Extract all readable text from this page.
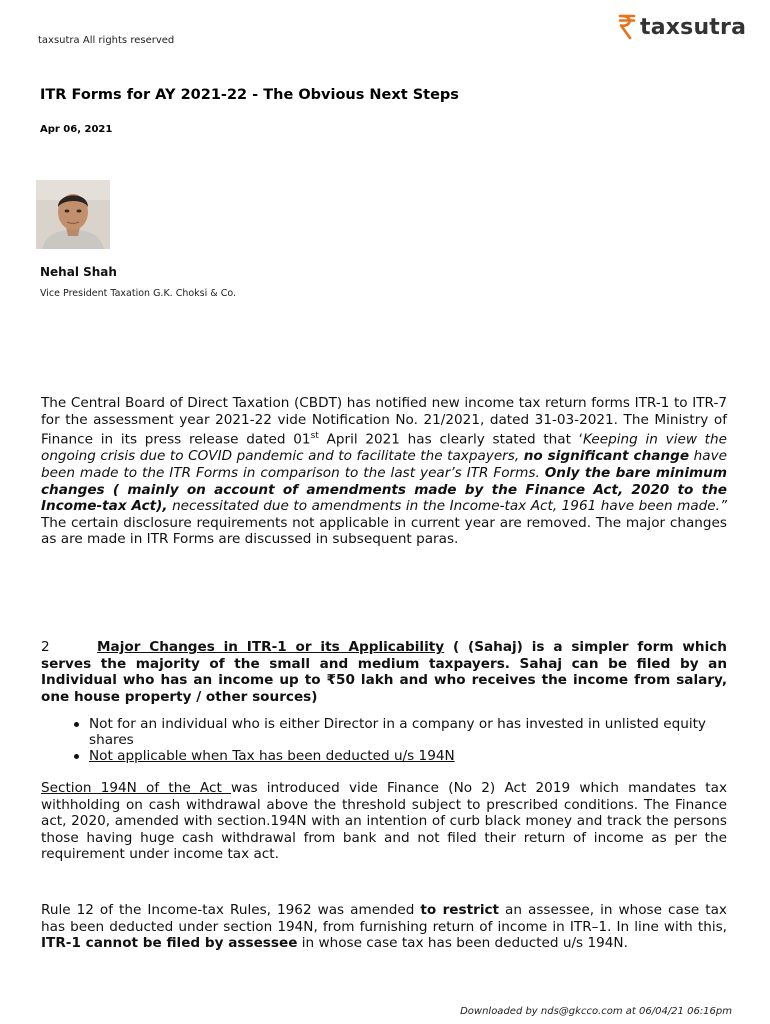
taxsutra All rights reserved
taxsutra
ITR Forms for AY 2021-22 - The Obvious Next Steps
Apr 06, 2021
Nehal Shah
Vice President Taxation G.K. Choksi & Co.
The Central Board of Direct Taxation (CBDT) has notified new income tax return forms ITR-1 to ITR-7 for the assessment year 2021-22 vide Notification No. 21/2021, dated 31-03-2021. The Ministry of Finance in its press release dated 01st April 2021 has clearly stated that ‘Keeping in view the ongoing crisis due to COVID pandemic and to facilitate the taxpayers, no significant change have been made to the ITR Forms in comparison to the last year’s ITR Forms. Only the bare minimum changes ( mainly on account of amendments made by the Finance Act, 2020 to the Income-tax Act), necessitated due to amendments in the Income-tax Act, 1961 have been made.” The certain disclosure requirements not applicable in current year are removed. The major changes as are made in ITR Forms are discussed in subsequent paras.
2	Major Changes in ITR-1 or its Applicability ( (Sahaj) is a simpler form which serves the majority of the small and medium taxpayers. Sahaj can be filed by an Individual who has an income up to ₹50 lakh and who receives the income from salary, one house property / other sources)
Not for an individual who is either Director in a company or has invested in unlisted equity shares
Not applicable when Tax has been deducted u/s 194N
Section 194N of the Act was introduced vide Finance (No 2) Act 2019 which mandates tax withholding on cash withdrawal above the threshold subject to prescribed conditions. The Finance act, 2020, amended with section.194N with an intention of curb black money and track the persons those having huge cash withdrawal from bank and not filed their return of income as per the requirement under income tax act.
Rule 12 of the Income-tax Rules, 1962 was amended to restrict an assessee, in whose case tax has been deducted under section 194N, from furnishing return of income in ITR–1. In line with this, ITR-1 cannot be filed by assessee in whose case tax has been deducted u/s 194N.
Downloaded by nds@gkcco.com at 06/04/21 06:16pm
